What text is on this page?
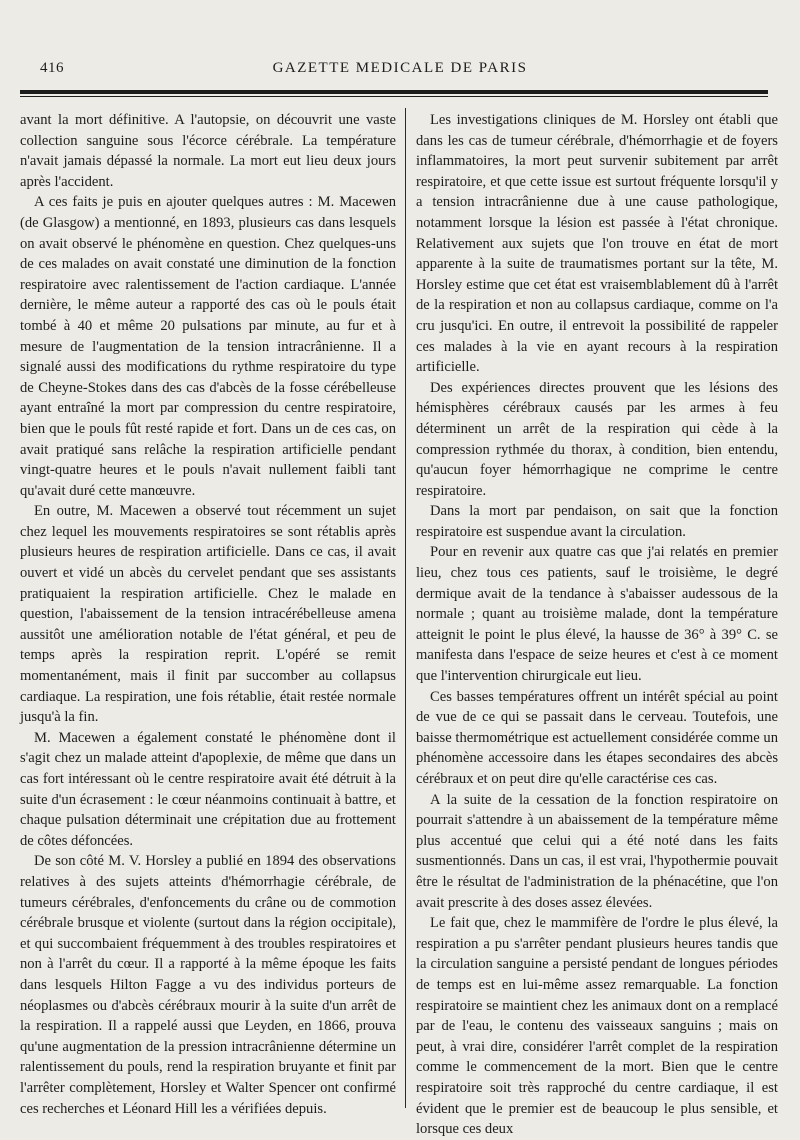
416	GAZETTE MEDICALE DE PARIS

avant la mort définitive. A l'autopsie, on découvrit une vaste collection sanguine sous l'écorce cérébrale. La température n'avait jamais dépassé la normale. La mort eut lieu deux jours après l'accident.

A ces faits je puis en ajouter quelques autres : M. Macewen (de Glasgow) a mentionné, en 1893, plusieurs cas dans lesquels on avait observé le phénomène en question. Chez quelques-uns de ces malades on avait constaté une diminution de la fonction respiratoire avec ralentissement de l'action cardiaque. L'année dernière, le même auteur a rapporté des cas où le pouls était tombé à 40 et même 20 pulsations par minute, au fur et à mesure de l'augmentation de la tension intracrânienne. Il a signalé aussi des modifications du rythme respiratoire du type de Cheyne-Stokes dans des cas d'abcès de la fosse cérébelleuse ayant entraîné la mort par compression du centre respiratoire, bien que le pouls fût resté rapide et fort. Dans un de ces cas, on avait pratiqué sans relâche la respiration artificielle pendant vingt-quatre heures et le pouls n'avait nullement faibli tant qu'avait duré cette manœuvre.

En outre, M. Macewen a observé tout récemment un sujet chez lequel les mouvements respiratoires se sont rétablis après plusieurs heures de respiration artificielle. Dans ce cas, il avait ouvert et vidé un abcès du cervelet pendant que ses assistants pratiquaient la respiration artificielle. Chez le malade en question, l'abaissement de la tension intracérébelleuse amena aussitôt une amélioration notable de l'état général, et peu de temps après la respiration reprit. L'opéré se remit momentanément, mais il finit par succomber au collapsus cardiaque. La respiration, une fois rétablie, était restée normale jusqu'à la fin.

M. Macewen a également constaté le phénomène dont il s'agit chez un malade atteint d'apoplexie, de même que dans un cas fort intéressant où le centre respiratoire avait été détruit à la suite d'un écrasement : le cœur néanmoins continuait à battre, et chaque pulsation déterminait une crépitation due au frottement de côtes défoncées.

De son côté M. V. Horsley a publié en 1894 des observations relatives à des sujets atteints d'hémorrhagie cérébrale, de tumeurs cérébrales, d'enfoncements du crâne ou de commotion cérébrale brusque et violente (surtout dans la région occipitale), et qui succombaient fréquemment à des troubles respiratoires et non à l'arrêt du cœur. Il a rapporté à la même époque les faits dans lesquels Hilton Fagge a vu des individus porteurs de néoplasmes ou d'abcès cérébraux mourir à la suite d'un arrêt de la respiration. Il a rappelé aussi que Leyden, en 1866, prouva qu'une augmentation de la pression intracrânienne détermine un ralentissement du pouls, rend la respiration bruyante et finit par l'arrêter complètement, Horsley et Walter Spencer ont confirmé ces recherches et Léonard Hill les a vérifiées depuis.

Les investigations cliniques de M. Horsley ont établi que dans les cas de tumeur cérébrale, d'hémorrhagie et de foyers inflammatoires, la mort peut survenir subitement par arrêt respiratoire, et que cette issue est surtout fréquente lorsqu'il y a tension intracrânienne due à une cause pathologique, notamment lorsque la lésion est passée à l'état chronique. Relativement aux sujets que l'on trouve en état de mort apparente à la suite de traumatismes portant sur la tête, M. Horsley estime que cet état est vraisemblablement dû à l'arrêt de la respiration et non au collapsus cardiaque, comme on l'a cru jusqu'ici. En outre, il entrevoit la possibilité de rappeler ces malades à la vie en ayant recours à la respiration artificielle.

Des expériences directes prouvent que les lésions des hémisphères cérébraux causés par les armes à feu déterminent un arrêt de la respiration qui cède à la compression rythmée du thorax, à condition, bien entendu, qu'aucun foyer hémorrhagique ne comprime le centre respiratoire.

Dans la mort par pendaison, on sait que la fonction respiratoire est suspendue avant la circulation.

Pour en revenir aux quatre cas que j'ai relatés en premier lieu, chez tous ces patients, sauf le troisième, le degré dermique avait de la tendance à s'abaisser audessous de la normale ; quant au troisième malade, dont la température atteignit le point le plus élevé, la hausse de 36° à 39° C. se manifesta dans l'espace de seize heures et c'est à ce moment que l'intervention chirurgicale eut lieu.

Ces basses températures offrent un intérêt spécial au point de vue de ce qui se passait dans le cerveau. Toutefois, une baisse thermométrique est actuellement considérée comme un phénomène accessoire dans les étapes secondaires des abcès cérébraux et on peut dire qu'elle caractérise ces cas.

A la suite de la cessation de la fonction respiratoire on pourrait s'attendre à un abaissement de la température même plus accentué que celui qui a été noté dans les faits susmentionnés. Dans un cas, il est vrai, l'hypothermie pouvait être le résultat de l'administration de la phénacétine, que l'on avait prescrite à des doses assez élevées.

Le fait que, chez le mammifère de l'ordre le plus élevé, la respiration a pu s'arrêter pendant plusieurs heures tandis que la circulation sanguine a persisté pendant de longues périodes de temps est en lui-même assez remarquable. La fonction respiratoire se maintient chez les animaux dont on a remplacé par de l'eau, le contenu des vaisseaux sanguins ; mais on peut, à vrai dire, considérer l'arrêt complet de la respiration comme le commencement de la mort. Bien que le centre respiratoire soit très rapproché du centre cardiaque, il est évident que le premier est de beaucoup le plus sensible, et lorsque ces deux
